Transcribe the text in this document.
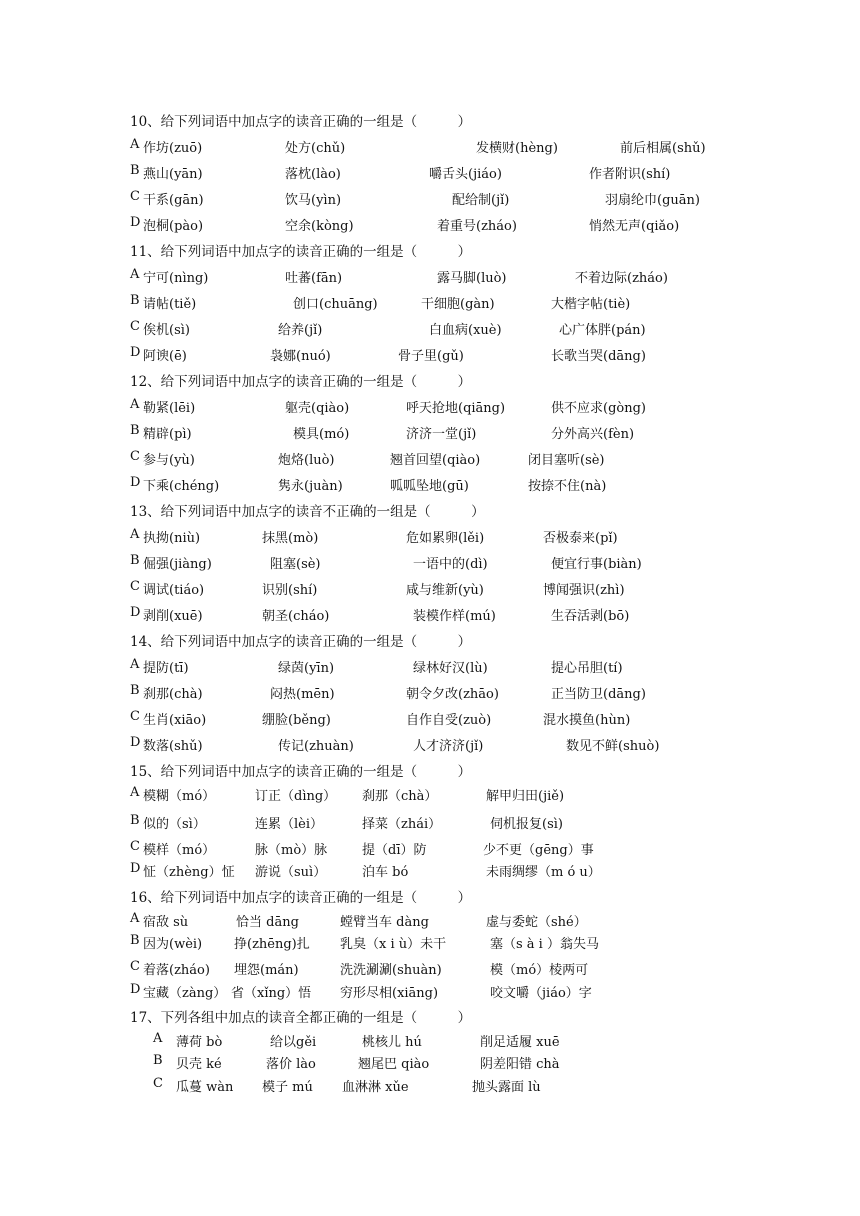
10、给下列词语中加点字的读音正确的一组是（　　　）
A 作坊(zuō)	处方(chǔ)	发横财(hèng)	前后相属(shǔ)
B 燕山(yān)	落枕(lào)	嚼舌头(jiáo)	作者附识(shí)
C 干系(gān)	饮马(yìn)	配给制(jǐ)	羽扇纶巾(guān)
D 泡桐(pào)	空余(kòng)	着重号(zháo)	悄然无声(qiǎo)
11、给下列词语中加点字的读音正确的一组是（　　　）
A 宁可(nìng)	吐蕃(fān)	露马脚(luò)	不着边际(zháo)
B 请帖(tiě)	创口(chuāng)	干细胞(gàn)	大楷字帖(tiè)
C 俟机(sì)	给养(jǐ)	白血病(xuè)	心广体胖(pán)
D 阿谀(ē)	袅娜(nuó)	骨子里(gǔ)	长歌当哭(dāng)
12、给下列词语中加点字的读音正确的一组是（　　　）
A 勒紧(lēi)	躯壳(qiào)	呼天抢地(qiāng)	供不应求(gòng)
B 精辟(pì)	模具(mó)	济济一堂(jǐ)	分外高兴(fèn)
C 参与(yù)	炮烙(luò)	翘首回望(qiào)	闭目塞听(sè)
D 下乘(chéng)	隽永(juàn)	呱呱坠地(gū)	按捺不住(nà)
13、给下列词语中加点字的读音不正确的一组是（　　　）
A 执拗(niù)	抹黑(mò)	危如累卵(lěi)	否极泰来(pǐ)
B 倔强(jiàng)	阻塞(sè)	一语中的(dì)	便宜行事(biàn)
C 调试(tiáo)	识别(shí)	咸与维新(yù)	博闻强识(zhì)
D 剥削(xuē)	朝圣(cháo)	装模作样(mú)	生吞活剥(bō)
14、给下列词语中加点字的读音正确的一组是（　　　）
A 提防(tī)	绿茵(yīn)	绿林好汉(lù)	提心吊胆(tí)
B 刹那(chà)	闷热(mēn)	朝令夕改(zhāo)	正当防卫(dāng)
C 生肖(xiāo)	绷脸(běng)	自作自受(zuò)	混水摸鱼(hùn)
D 数落(shǔ)	传记(zhuàn)	人才济济(jǐ)	数见不鲜(shuò)
15、给下列词语中加点字的读音正确的一组是（　　　）
A 模糊（mó）	订正（dìng） 刹那（chà）	解甲归田(jiě)
B 似的（sì）	连累（lèi）	择菜（zhái）	伺机报复(sì)
C 模样（mó）	脉（mò）脉	提（dī）防	少不更（gēng）事
D 怔（zhèng）怔 游说（suì）	泊车 bó	未雨绸缪（m ó u）
16、给下列词语中加点字的读音正确的一组是（　　　）
A 宿敌 sù	恰当 dāng	螳臂当车 dàng	虚与委蛇（shé）
B 因为(wèi) 挣(zhēng)扎 乳臭（x i ù）未干	塞（s à i ）翁失马
C 着落(zháo) 埋怨(mán)	洗洗涮涮(shuàn)	模（mó）棱两可
D 宝藏（zàng） 省（xǐng）悟 穷形尽相(xiāng)	咬文嚼（jiáo）字
17、下列各组中加点的读音全都正确的一组是（　　　）
A 薄荷 bò	给以gěi	桃核儿 hú	削足适履 xuē
B 贝壳 ké	落价 lào	翘尾巴 qiào	阴差阳错 chà
C 瓜蔓 wàn 模子 mú 血淋淋 xǔe	抛头露面 lù
